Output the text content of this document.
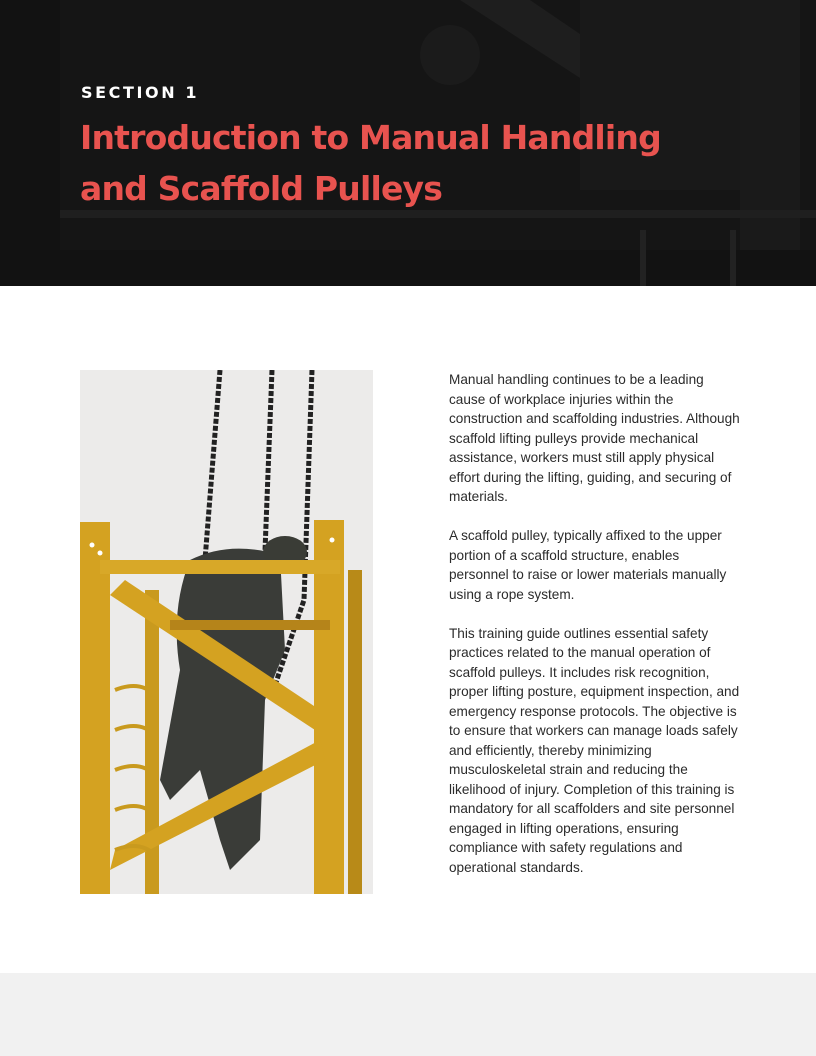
SECTION 1
Introduction to Manual Handling and Scaffold Pulleys

Manual handling continues to be a leading cause of workplace injuries within the construction and scaffolding industries. Although scaffold lifting pulleys provide mechanical assistance, workers must still apply physical effort during the lifting, guiding, and securing of materials.

A scaffold pulley, typically affixed to the upper portion of a scaffold structure, enables personnel to raise or lower materials manually using a rope system.

This training guide outlines essential safety practices related to the manual operation of scaffold pulleys. It includes risk recognition, proper lifting posture, equipment inspection, and emergency response protocols. The objective is to ensure that workers can manage loads safely and efficiently, thereby minimizing musculoskeletal strain and reducing the likelihood of injury. Completion of this training is mandatory for all scaffolders and site personnel engaged in lifting operations, ensuring compliance with safety regulations and operational standards.
